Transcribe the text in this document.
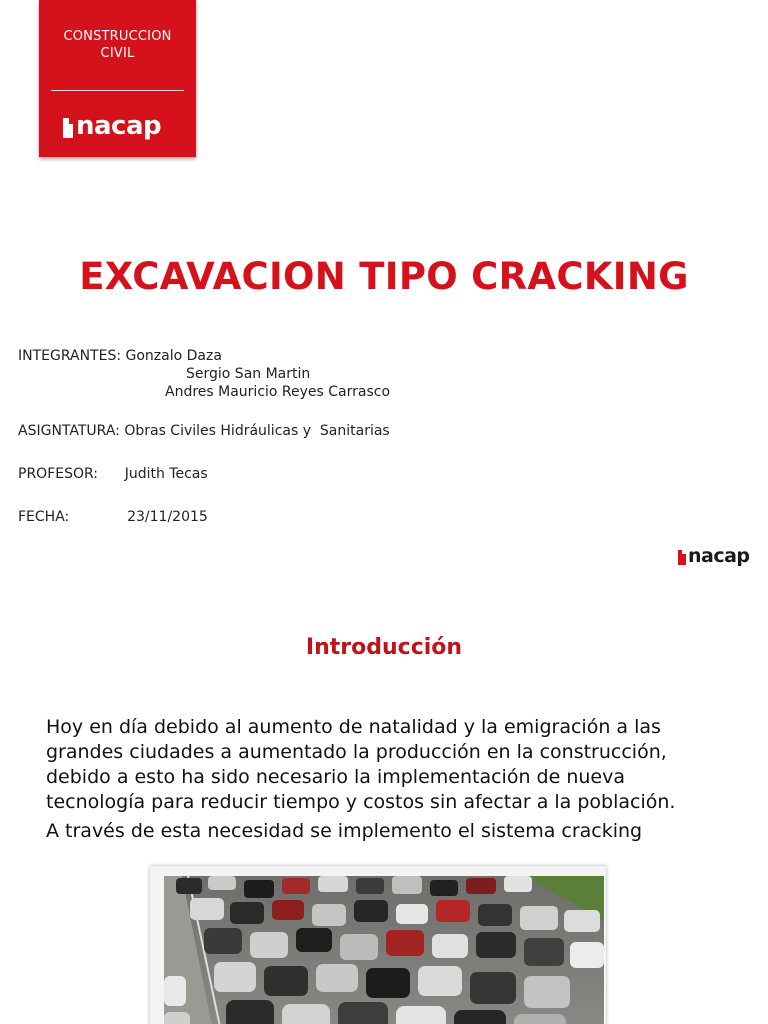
CONSTRUCCION
CIVIL
nacap
EXCAVACION TIPO CRACKING
INTEGRANTES: Gonzalo Daza
Sergio San Martin
Andres Mauricio Reyes Carrasco
ASIGNTATURA: Obras Civiles Hidráulicas y  Sanitarias
PROFESOR:      Judith Tecas
FECHA:             23/11/2015
nacap
Introducción

Hoy en día debido al aumento de natalidad y la emigración a las grandes ciudades a aumentado la producción en la construcción, debido a esto ha sido necesario la implementación de nueva tecnología para reducir tiempo y costos sin afectar a la población.

A través de esta necesidad se implemento el sistema cracking
